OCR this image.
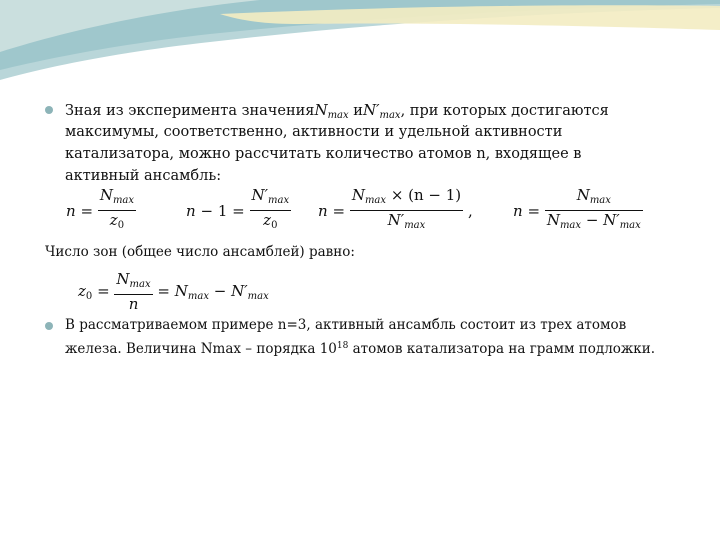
Зная из эксперимента значенияN$_{max}$ $иN'_{max}$, при которых достигаются
максимумы, соответственно, активности и удельной активности
катализатора, можно рассчитать количество атомов n, входящее в
активный ансамбль:
$n = \frac{N_{max}}{z_0}$	$n - 1 = \frac{N'_{max}}{z_0}$ $n = \frac{N_{max} \times (n - 1)}{N'_{max}}$ ,	$n = \frac{N_{max}}{N_{max} - N'_{max}}$
Число зон (общее число ансамблей) равно:
$z_0 = \frac{N_{max}}{n} = N_{max} - N'_{max}$
В рассматриваемом примере n=3, активный ансамбль состоит из трех атомов
железа. Величина Nmax – порядка $10^{18}$ атомов катализатора на грамм подложки.
